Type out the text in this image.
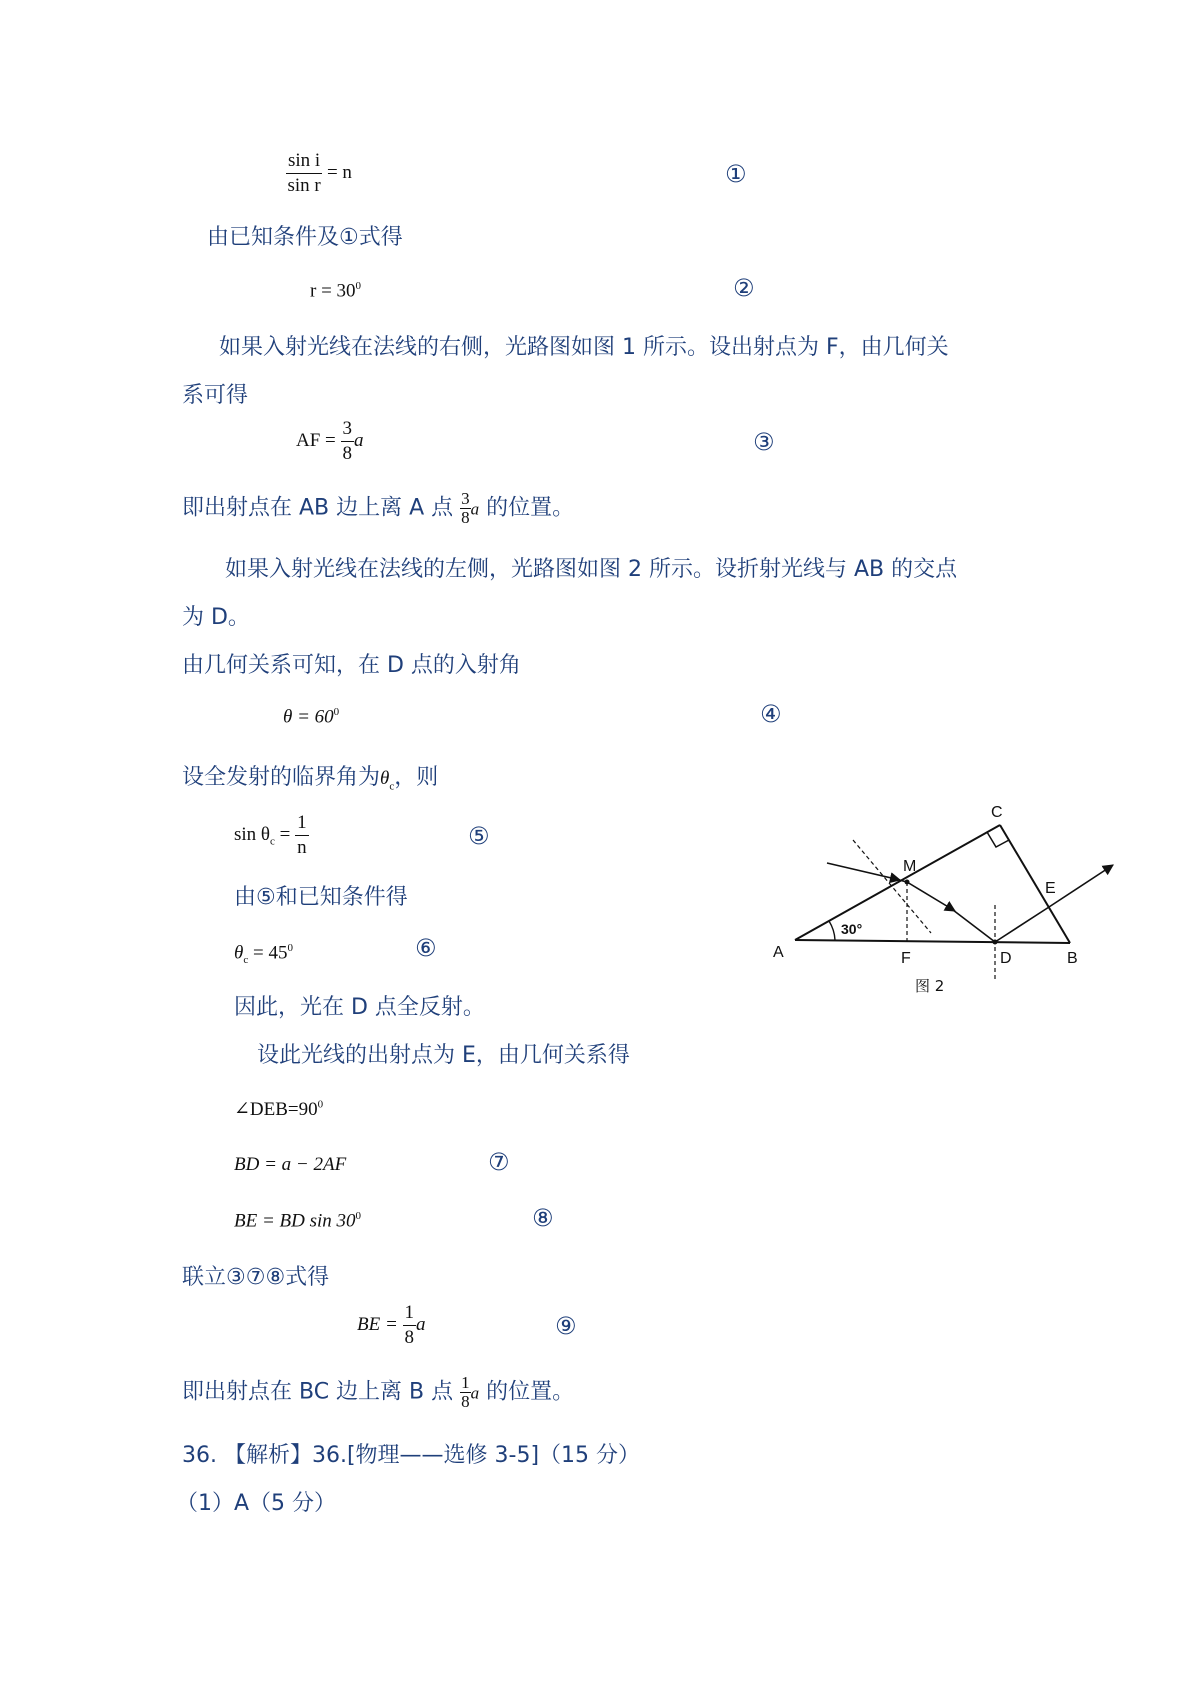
$\frac{\text{sin i}}{\text{sin r}} = n$	①
由已知条件及①式得
$r = 30^0$	②
如果入射光线在法线的右侧，光路图如图 1 所示。设出射点为 F，由几何关
系可得
AF = $\frac{3}{8}$ a	③
即出射点在 AB 边上离 A 点 $\frac{3}{8}a$ 的位置。
如果入射光线在法线的左侧，光路图如图 2 所示。设折射光线与 AB 的交点
为 D。
由几何关系可知，在 D 点的入射角
$\theta = 60^0$	④
设全发射的临界角为$\theta_c$，则
$\sin \theta_c = \frac{1}{n}$	⑤
由⑤和已知条件得
$\theta_c = 45^0$	⑥
因此，光在 D 点全反射。
设此光线的出射点为 E，由几何关系得
$\angle DEB=90^0$
BD = a − 2AF	⑦
BE = BD $\sin 30^0$	⑧
联立③⑦⑧式得
BE = $\frac{1}{8}$ a	⑨
即出射点在 BC 边上离 B 点 $\frac{1}{8}a$ 的位置。
36. 【解析】36.[物理——选修 3-5]（15 分）
（1）A（5 分）
A	B
C
D
E
F
M
30°
图 2
